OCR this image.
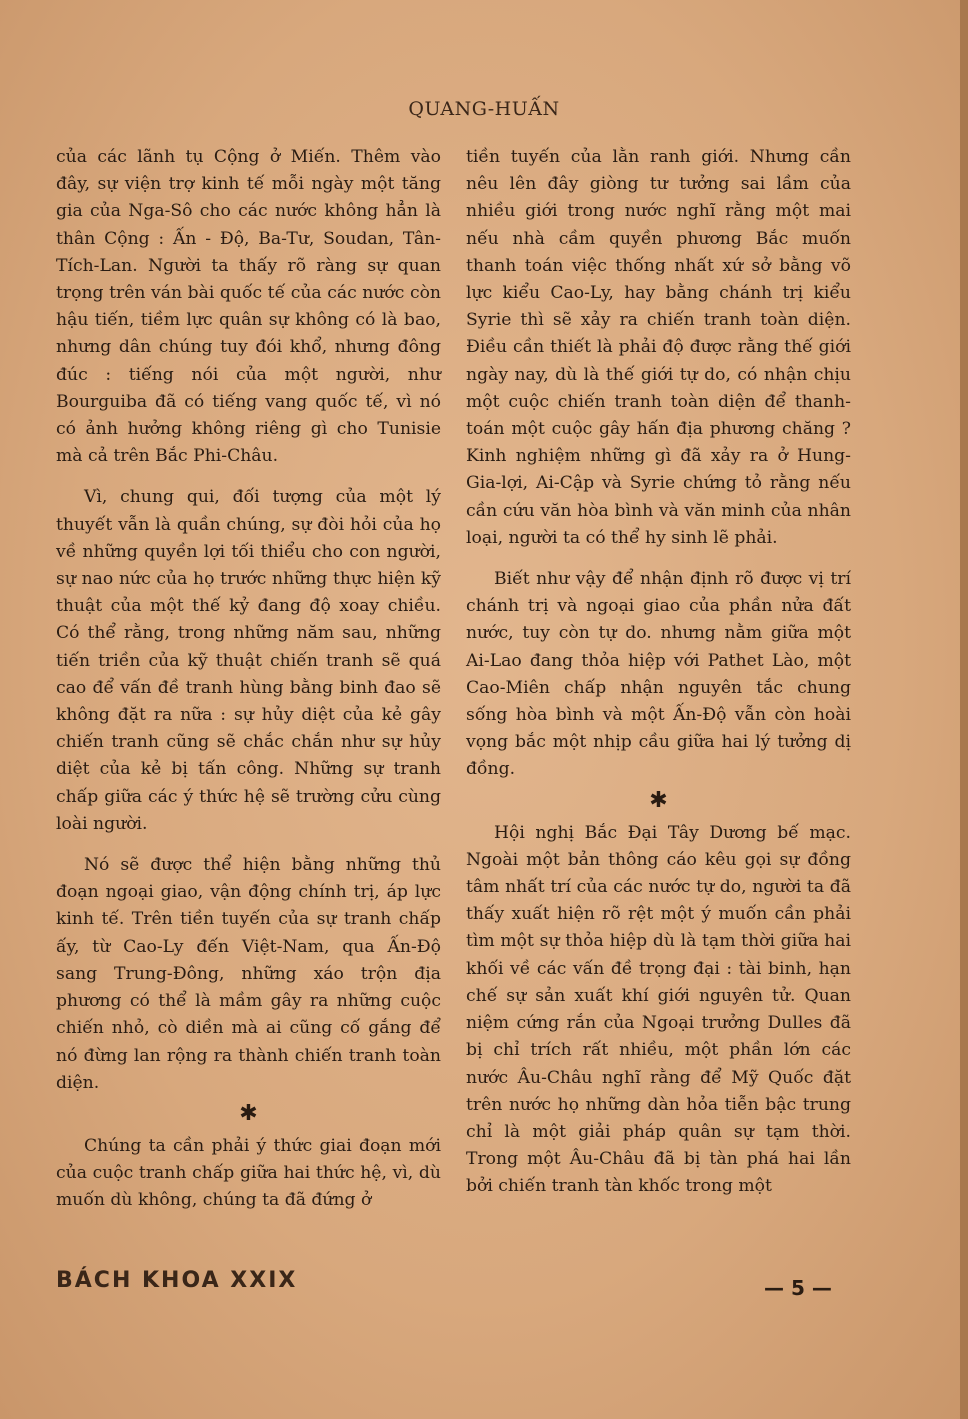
QUANG-HUẤN

của các lãnh tụ Cộng ở Miến. Thêm vào đây, sự viện trợ kinh tế mỗi ngày một tăng gia của Nga-Sô cho các nước không hẳn là thân Cộng : Ấn - Độ, Ba-Tư, Soudan, Tân-Tích-Lan. Người ta thấy rõ ràng sự quan trọng trên ván bài quốc tế của các nước còn hậu tiến, tiềm lực quân sự không có là bao, nhưng dân chúng tuy đói khổ, nhưng đông đúc : tiếng nói của một người, như Bourguiba đã có tiếng vang quốc tế, vì nó có ảnh hưởng không riêng gì cho Tunisie mà cả trên Bắc Phi-Châu.

Vì, chung qui, đối tượng của một lý thuyết vẫn là quần chúng, sự đòi hỏi của họ về những quyền lợi tối thiểu cho con người, sự nao nức của họ trước những thực hiện kỹ thuật của một thế kỷ đang độ xoay chiều. Có thể rằng, trong những năm sau, những tiến triền của kỹ thuật chiến tranh sẽ quá cao để vấn đề tranh hùng bằng binh đao sẽ không đặt ra nữa : sự hủy diệt của kẻ gây chiến tranh cũng sẽ chắc chắn như sự hủy diệt của kẻ bị tấn công. Những sự tranh chấp giữa các ý thức hệ sẽ trường cửu cùng loài người.

Nó sẽ được thể hiện bằng những thủ đoạn ngoại giao, vận động chính trị, áp lực kinh tế. Trên tiền tuyến của sự tranh chấp ấy, từ Cao-Ly đến Việt-Nam, qua Ấn-Độ sang Trung-Đông, những xáo trộn địa phương có thể là mầm gây ra những cuộc chiến nhỏ, cò diền mà ai cũng cố gắng để nó đừng lan rộng ra thành chiến tranh toàn diện.

✱

Chúng ta cần phải ý thức giai đoạn mới của cuộc tranh chấp giữa hai thức hệ, vì, dù muốn dù không, chúng ta đã đứng ở

tiền tuyến của lằn ranh giới. Nhưng cần nêu lên đây giòng tư tưởng sai lầm của nhiều giới trong nước nghĩ rằng một mai nếu nhà cầm quyền phương Bắc muốn thanh toán việc thống nhất xứ sở bằng võ lực kiểu Cao-Ly, hay bằng chánh trị kiểu Syrie thì sẽ xảy ra chiến tranh toàn diện. Điều cần thiết là phải độ được rằng thế giới ngày nay, dù là thế giới tự do, có nhận chịu một cuộc chiến tranh toàn diện để thanh-toán một cuộc gây hấn địa phương chăng ? Kinh nghiệm những gì đã xảy ra ở Hung-Gia-lợi, Ai-Cập và Syrie chứng tỏ rằng nếu cần cứu văn hòa bình và văn minh của nhân loại, người ta có thể hy sinh lẽ phải.

Biết như vậy để nhận định rõ được vị trí chánh trị và ngoại giao của phần nửa đất nước, tuy còn tự do. nhưng nằm giữa một Ai-Lao đang thỏa hiệp với Pathet Lào, một Cao-Miên chấp nhận nguyên tắc chung sống hòa bình và một Ấn-Độ vẫn còn hoài vọng bắc một nhịp cầu giữa hai lý tưởng dị đồng.

✱

Hội nghị Bắc Đại Tây Dương bế mạc. Ngoài một bản thông cáo kêu gọi sự đồng tâm nhất trí của các nước tự do, người ta đã thấy xuất hiện rõ rệt một ý muốn cần phải tìm một sự thỏa hiệp dù là tạm thời giữa hai khối về các vấn đề trọng đại : tài binh, hạn chế sự sản xuất khí giới nguyên tử. Quan niệm cứng rắn của Ngoại trưởng Dulles đã bị chỉ trích rất nhiều, một phần lớn các nước Âu-Châu nghĩ rằng để Mỹ Quốc đặt trên nước họ những dàn hỏa tiễn bậc trung chỉ là một giải pháp quân sự tạm thời. Trong một Âu-Châu đã bị tàn phá hai lần bởi chiến tranh tàn khốc trong một

BÁCH KHOA XXIX	— 5 —
